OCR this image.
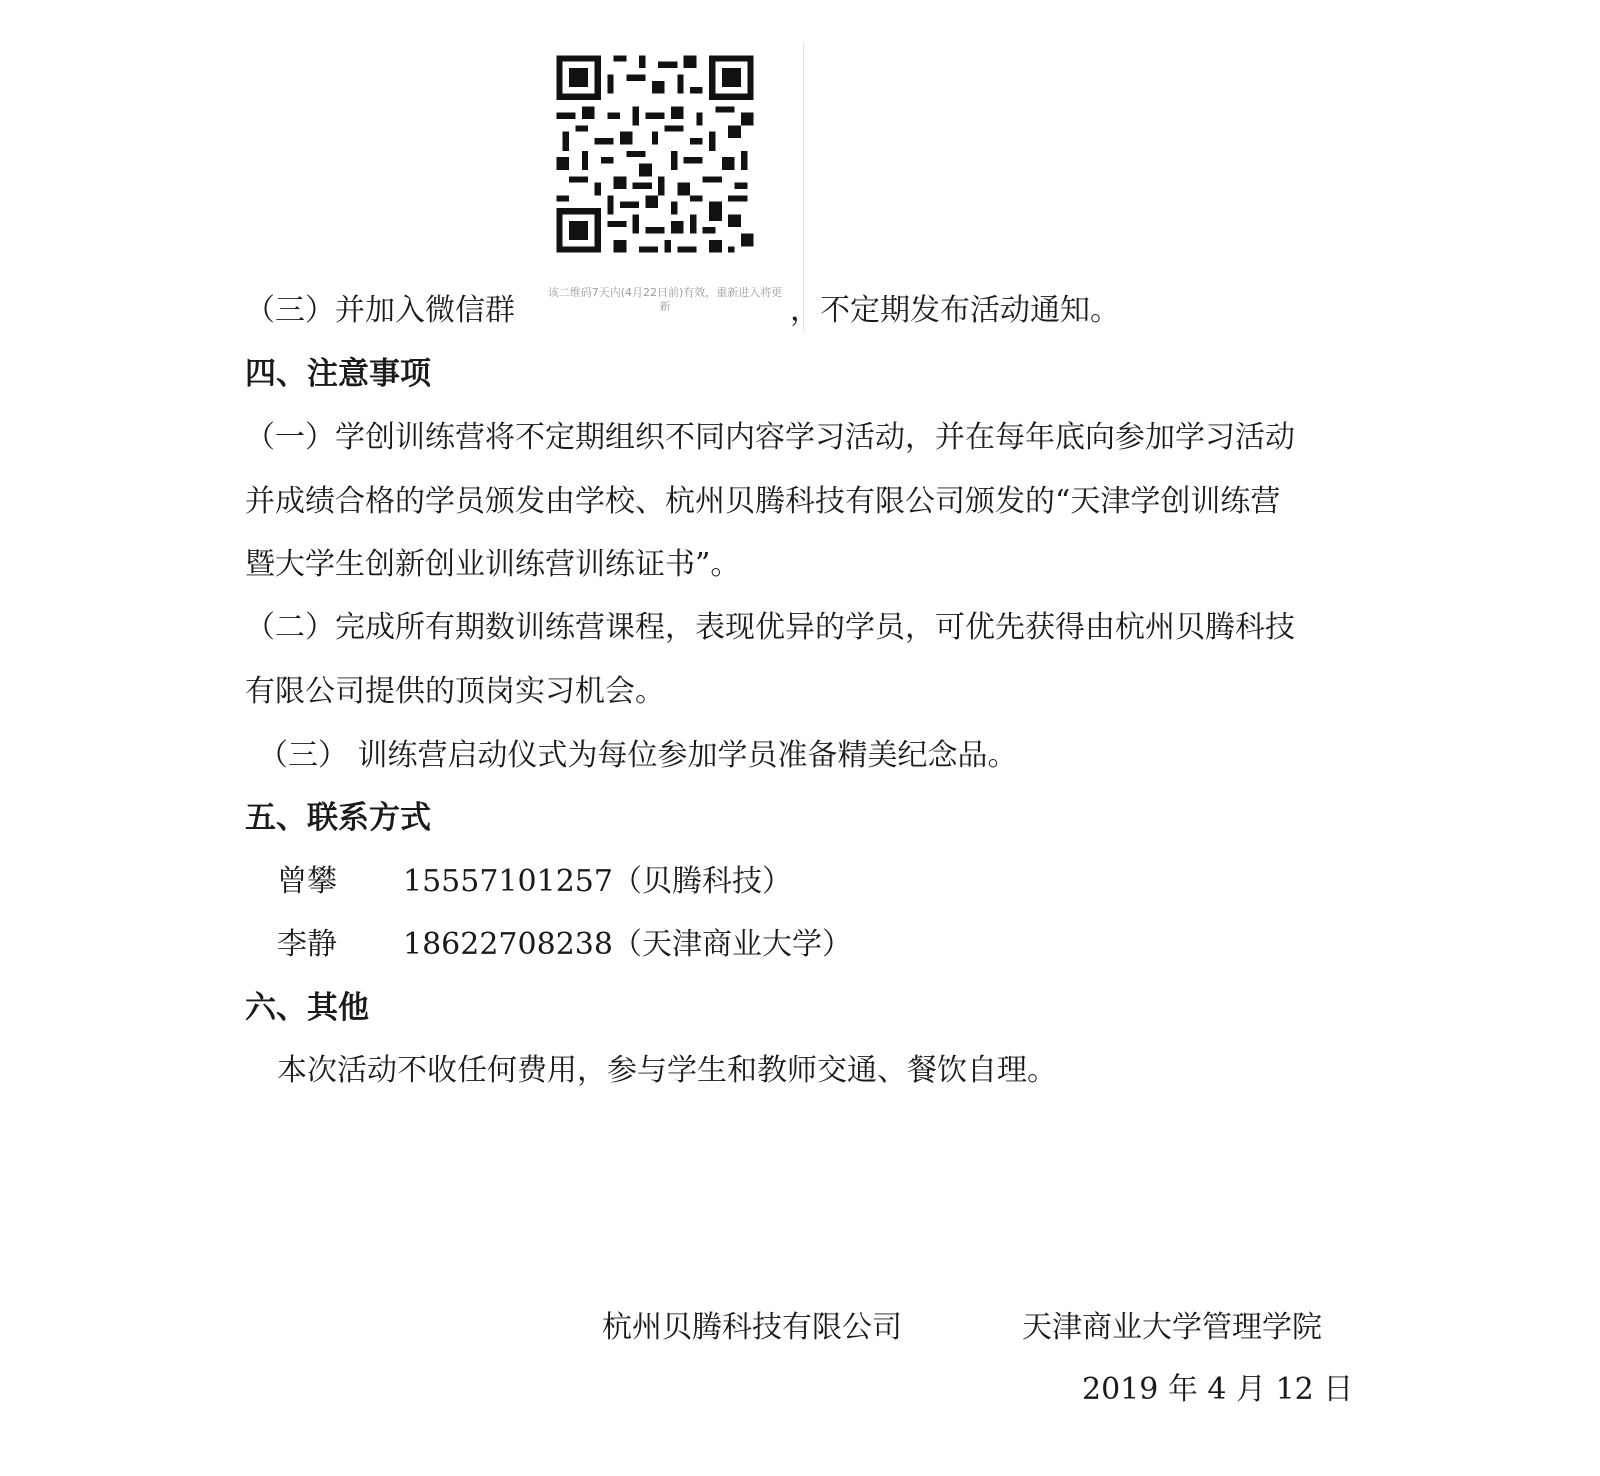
该二维码7天内(4月22日前)有效，重新进入将更新
（三）并加入微信群	，不定期发布活动通知。
四、注意事项
（一）学创训练营将不定期组织不同内容学习活动，并在每年底向参加学习活动
并成绩合格的学员颁发由学校、杭州贝腾科技有限公司颁发的“天津学创训练营
暨大学生创新创业训练营训练证书”。
（二）完成所有期数训练营课程，表现优异的学员，可优先获得由杭州贝腾科技
有限公司提供的顶岗实习机会。
（三） 训练营启动仪式为每位参加学员准备精美纪念品。
五、联系方式
曾攀 15557101257 （贝腾科技）
李静 18622708238 （天津商业大学）
六、其他
本次活动不收任何费用，参与学生和教师交通、餐饮自理。
杭州贝腾科技有限公司	天津商业大学管理学院
2019 年 4 月 12 日
